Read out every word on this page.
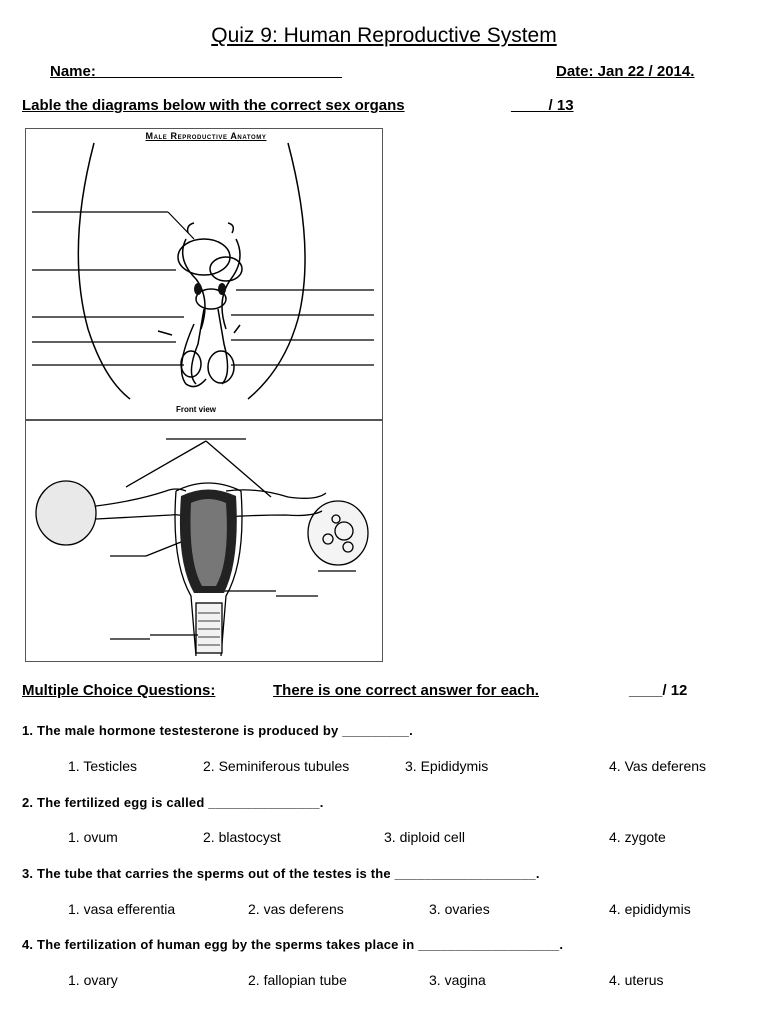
Quiz 9: Human Reproductive System
Name: _____________________________	Date: Jan 22 / 2014.
Lable the diagrams below with the correct sex organs	__     / 13
Male Reproductive Anatomy
Front view
Multiple Choice Questions:	There is one correct answer for each.	____/ 12
1. The male hormone testesterone is produced by _________.
1. Testicles	2. Seminiferous tubules	3. Epididymis	4. Vas deferens
2. The fertilized egg is called _______________.
1. ovum	2. blastocyst	3. diploid cell	4. zygote
3. The tube that carries the sperms out of the testes is the ___________________.
1. vasa efferentia	2. vas deferens	3. ovaries	4. epididymis
4. The fertilization of human egg by the sperms takes place in ___________________.
1. ovary	2. fallopian tube	3. vagina	4. uterus
